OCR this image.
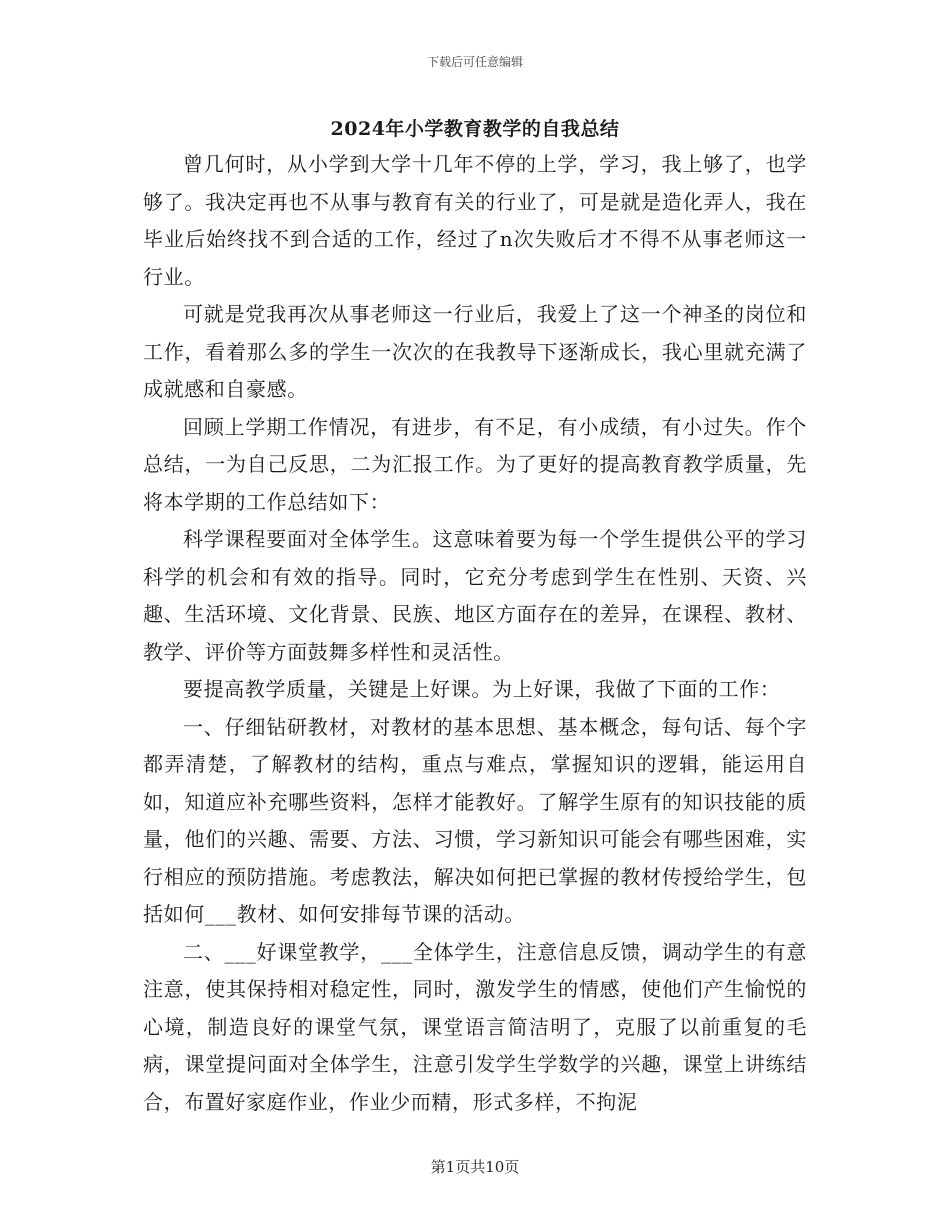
下载后可任意编辑
2024年小学教育教学的自我总结

曾几何时，从小学到大学十几年不停的上学，学习，我上够了，也学够了。我决定再也不从事与教育有关的行业了，可是就是造化弄人，我在毕业后始终找不到合适的工作，经过了n次失败后才不得不从事老师这一行业。

可就是党我再次从事老师这一行业后，我爱上了这一个神圣的岗位和工作，看着那么多的学生一次次的在我教导下逐渐成长，我心里就充满了成就感和自豪感。

回顾上学期工作情况，有进步，有不足，有小成绩，有小过失。作个总结，一为自己反思，二为汇报工作。为了更好的提高教育教学质量，先将本学期的工作总结如下：

科学课程要面对全体学生。这意味着要为每一个学生提供公平的学习科学的机会和有效的指导。同时，它充分考虑到学生在性别、天资、兴趣、生活环境、文化背景、民族、地区方面存在的差异，在课程、教材、教学、评价等方面鼓舞多样性和灵活性。

要提高教学质量，关键是上好课。为上好课，我做了下面的工作：

一、仔细钻研教材，对教材的基本思想、基本概念，每句话、每个字都弄清楚，了解教材的结构，重点与难点，掌握知识的逻辑，能运用自如，知道应补充哪些资料，怎样才能教好。了解学生原有的知识技能的质量，他们的兴趣、需要、方法、习惯，学习新知识可能会有哪些困难，实行相应的预防措施。考虑教法，解决如何把已掌握的教材传授给学生，包括如何___教材、如何安排每节课的活动。

二、___好课堂教学，___全体学生，注意信息反馈，调动学生的有意注意，使其保持相对稳定性，同时，激发学生的情感，使他们产生愉悦的心境，制造良好的课堂气氛，课堂语言简洁明了，克服了以前重复的毛病，课堂提问面对全体学生，注意引发学生学数学的兴趣，课堂上讲练结合，布置好家庭作业，作业少而精，形式多样，不拘泥

第1页共10页
